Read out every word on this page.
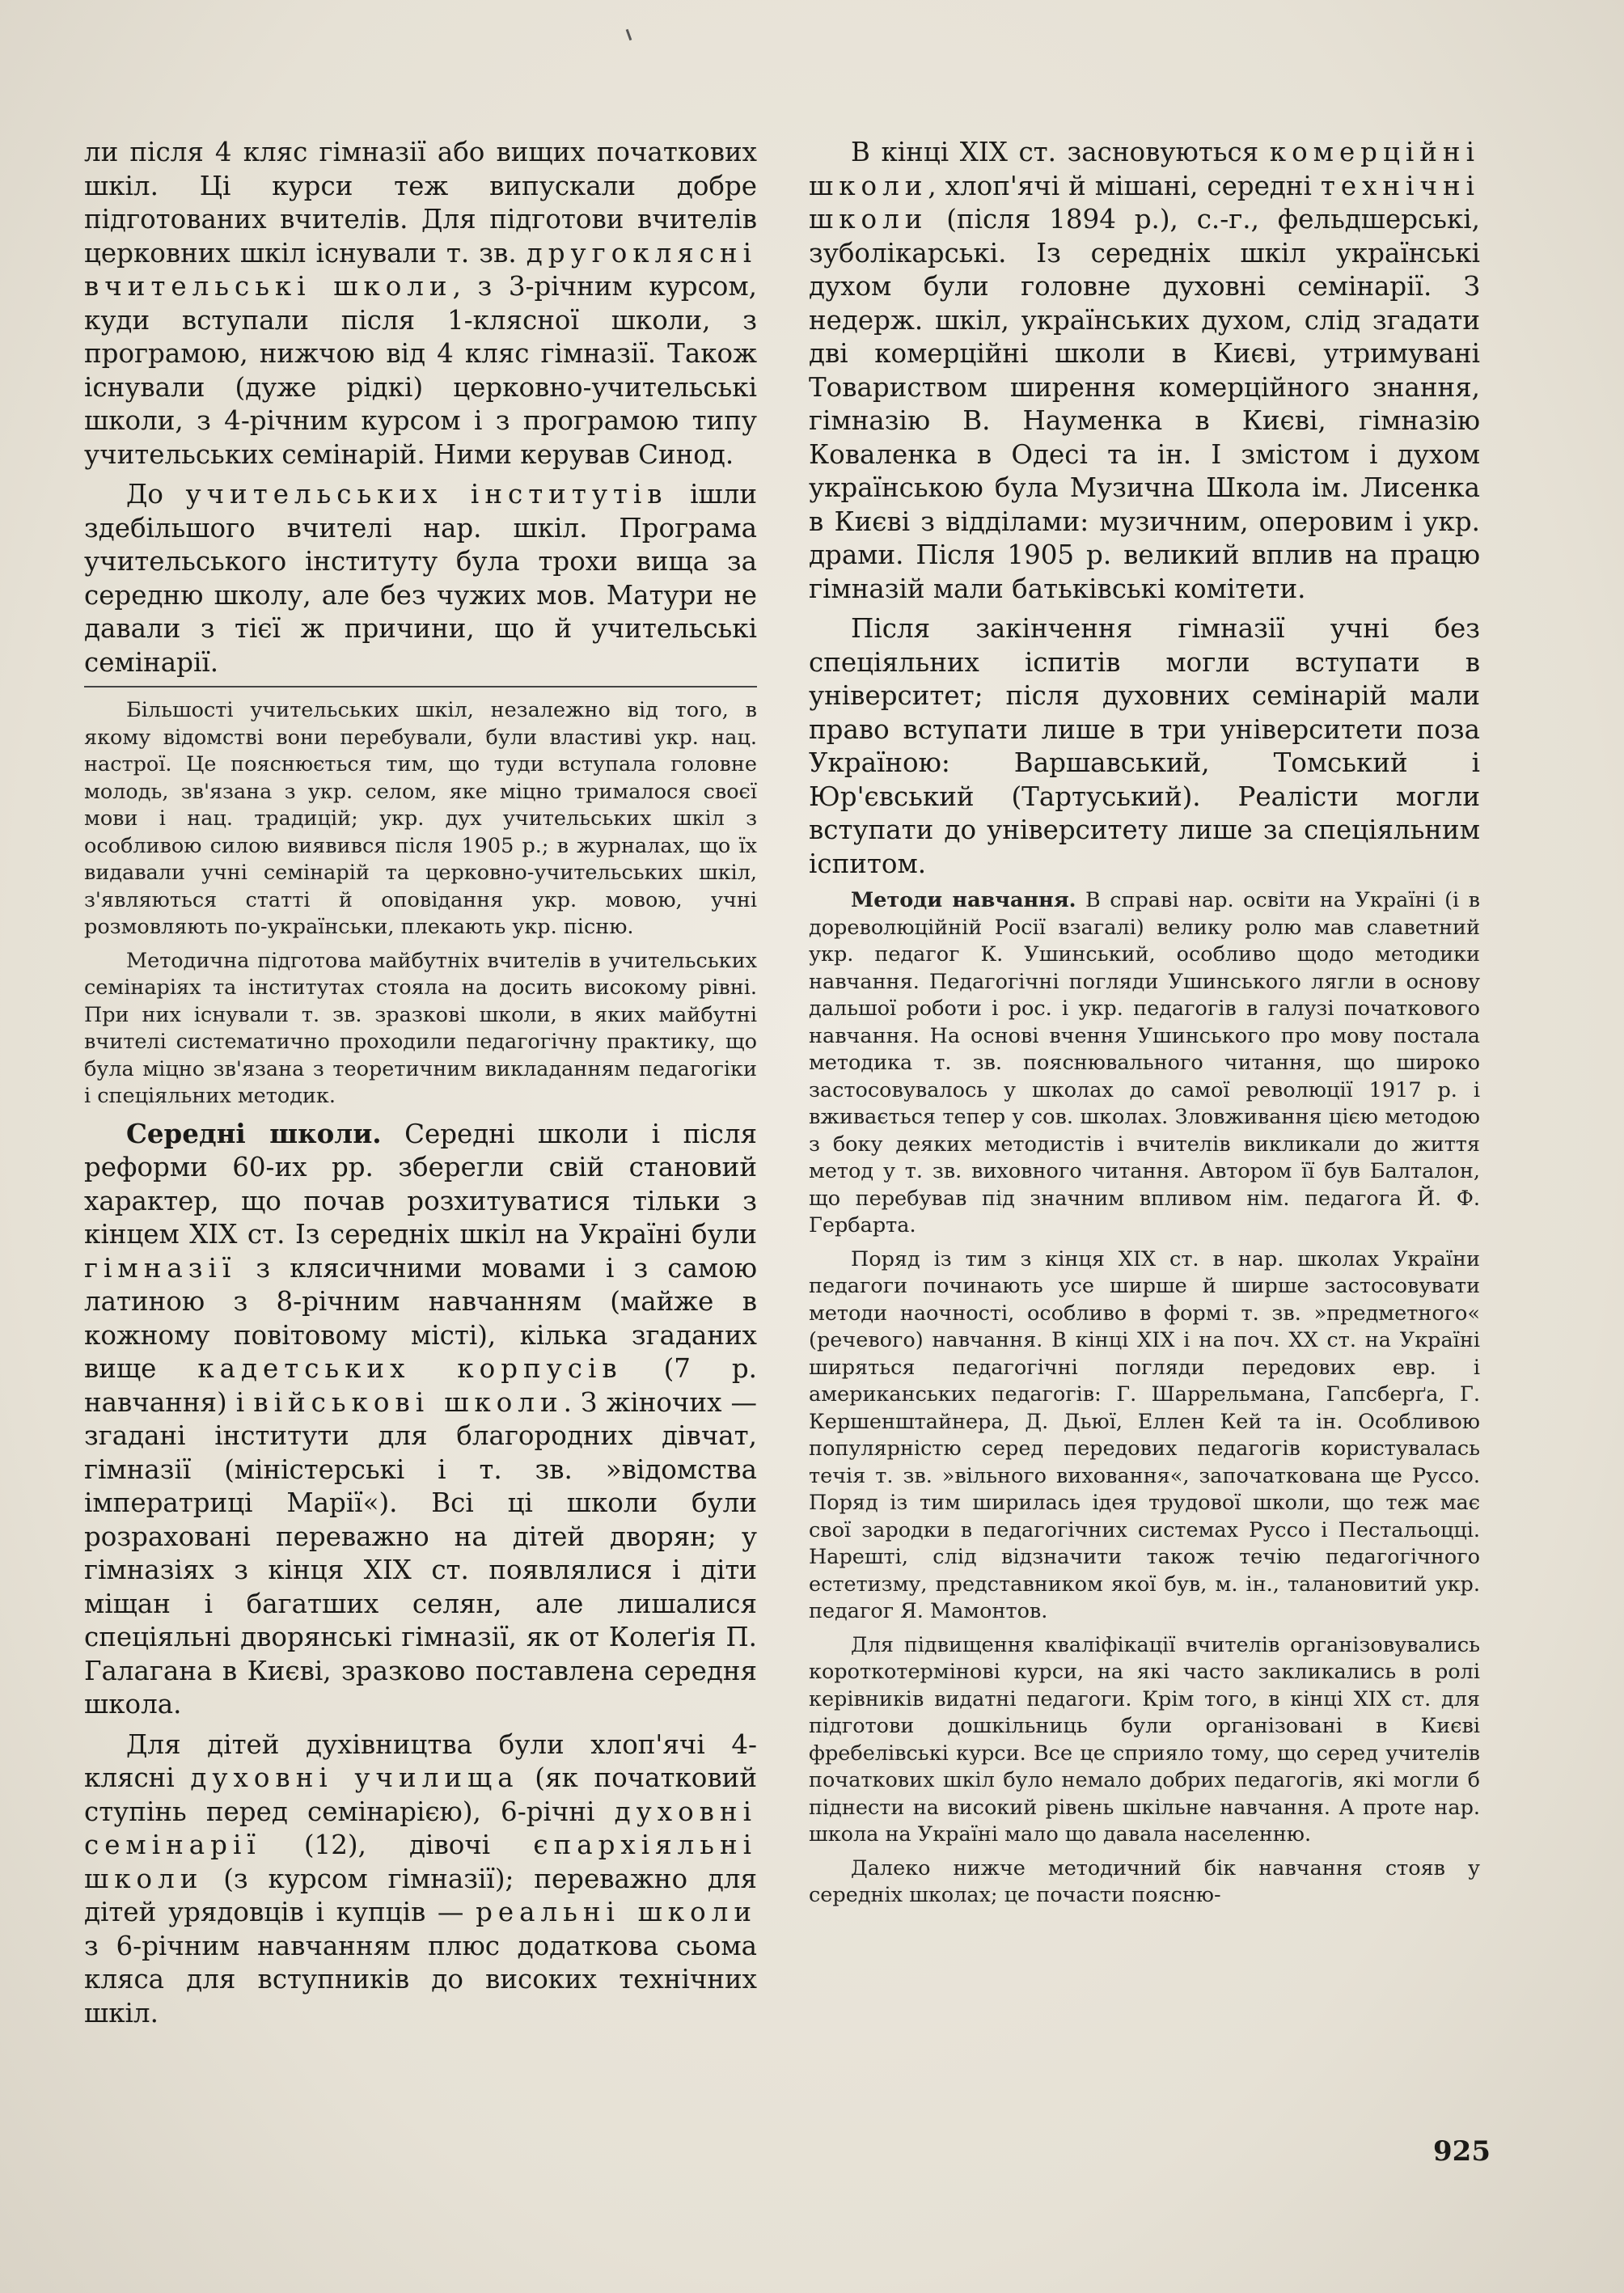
ли після 4 кляс гімназії або вищих початкових шкіл. Ці курси теж випускали добре підготованих вчителів. Для підготови вчителів церковних шкіл існували т. зв. другоклясні вчительські школи, з 3-річним курсом, куди вступали після 1-клясної школи, з програмою, нижчою від 4 кляс гімназії. Також існували (дуже рідкі) церковно-учительські школи, з 4-річним курсом і з програмою типу учительських семінарій. Ними керував Синод.

До учительських інститутів ішли здебільшого вчителі нар. шкіл. Програма учительського інституту була трохи вища за середню школу, але без чужих мов. Матури не давали з тієї ж причини, що й учительські семінарії.

Більшості учительських шкіл, незалежно від того, в якому відомстві вони перебували, були властиві укр. нац. настрої. Це пояснюється тим, що туди вступала головне молодь, зв'язана з укр. селом, яке міцно трималося своєї мови і нац. традицій; укр. дух учительських шкіл з особливою силою виявився після 1905 р.; в журналах, що їх видавали учні семінарій та церковно-учительських шкіл, з'являються статті й оповідання укр. мовою, учні розмовляють по-українськи, плекають укр. пісню.

Методична підготова майбутніх вчителів в учительських семінаріях та інститутах стояла на досить високому рівні. При них існували т. зв. зразкові школи, в яких майбутні вчителі систематично проходили педагогічну практику, що була міцно зв'язана з теоретичним викладанням педагогіки і спеціяльних методик.

Середні школи. Середні школи і після реформи 60-их рр. зберегли свій становий характер, що почав розхитуватися тільки з кінцем XIX ст. Із середніх шкіл на Україні були гімназії з клясичними мовами і з самою латиною з 8-річним навчанням (майже в кожному повітовому місті), кілька згаданих вище кадетських корпусів (7 р. навчання) і військові школи. З жіночих — згадані інститути для благородних дівчат, гімназії (міністерські і т. зв. »відомства імператриці Марії«). Всі ці школи були розраховані переважно на дітей дворян; у гімназіях з кінця XIX ст. появлялися і діти міщан і багатших селян, але лишалися спеціяльні дворянські гімназії, як от Колеґія П. Галагана в Києві, зразково поставлена середня школа.

Для дітей духівництва були хлоп'ячі 4-клясні духовні училища (як початковий ступінь перед семінарією), 6-річні духовні семінарії (12), дівочі єпархіяльні школи (з курсом гімназії); переважно для дітей урядовців і купців — реальні школи з 6-річним навчанням плюс додаткова сьома кляса для вступників до високих технічних шкіл.

В кінці XIX ст. засновуються комерційні школи, хлоп'ячі й мішані, середні технічні школи (після 1894 р.), с.-г., фельдшерські, зуболікарські. Із середніх шкіл українські духом були головне духовні семінарії. З недерж. шкіл, українських духом, слід згадати дві комерційні школи в Києві, утримувані Товариством ширення комерційного знання, гімназію В. Науменка в Києві, гімназію Коваленка в Одесі та ін. І змістом і духом українською була Музична Школа ім. Лисенка в Києві з відділами: музичним, оперовим і укр. драми. Після 1905 р. великий вплив на працю гімназій мали батьківські комітети.

Після закінчення гімназії учні без спеціяльних іспитів могли вступати в університет; після духовних семінарій мали право вступати лише в три університети поза Україною: Варшавський, Томський і Юр'євський (Тартуський). Реалісти могли вступати до університету лише за спеціяльним іспитом.

Методи навчання. В справі нар. освіти на Україні (і в дореволюційній Росії взагалі) велику ролю мав славетний укр. педагог К. Ушинський, особливо щодо методики навчання. Педагогічні погляди Ушинського лягли в основу дальшої роботи і рос. і укр. педагогів в галузі початкового навчання. На основі вчення Ушинського про мову постала методика т. зв. пояснювального читання, що широко застосовувалось у школах до самої революції 1917 р. і вживається тепер у сов. школах. Зловживання цією методою з боку деяких методистів і вчителів викликали до життя метод у т. зв. виховного читання. Автором її був Балталон, що перебував під значним впливом нім. педагога Й. Ф. Гербарта.

Поряд із тим з кінця XIX ст. в нар. школах України педагоги починають усе ширше й ширше застосовувати методи наочності, особливо в формі т. зв. »предметного« (речевого) навчання. В кінці XIX і на поч. XX ст. на Україні ширяться педагогічні погляди передових евр. і американських педагогів: Г. Шаррельмана, Гапсберґа, Г. Кершенштайнера, Д. Дьюї, Еллен Кей та ін. Особливою популярністю серед передових педагогів користувалась течія т. зв. »вільного виховання«, започаткована ще Руссо. Поряд із тим ширилась ідея трудової школи, що теж має свої зародки в педагогічних системах Руссо і Пестальоцці. Нарешті, слід відзначити також течію педагогічного естетизму, представником якої був, м. ін., талановитий укр. педагог Я. Мамонтов.

Для підвищення кваліфікації вчителів організовувались короткотермінові курси, на які часто закликались в ролі керівників видатні педагоги. Крім того, в кінці XIX ст. для підготови дошкільниць були організовані в Києві фребелівські курси. Все це сприяло тому, що серед учителів початкових шкіл було немало добрих педагогів, які могли б піднести на високий рівень шкільне навчання. А проте нар. школа на Україні мало що давала населенню.

Далеко нижче методичний бік навчання стояв у середніх школах; це почасти поясню-

925
